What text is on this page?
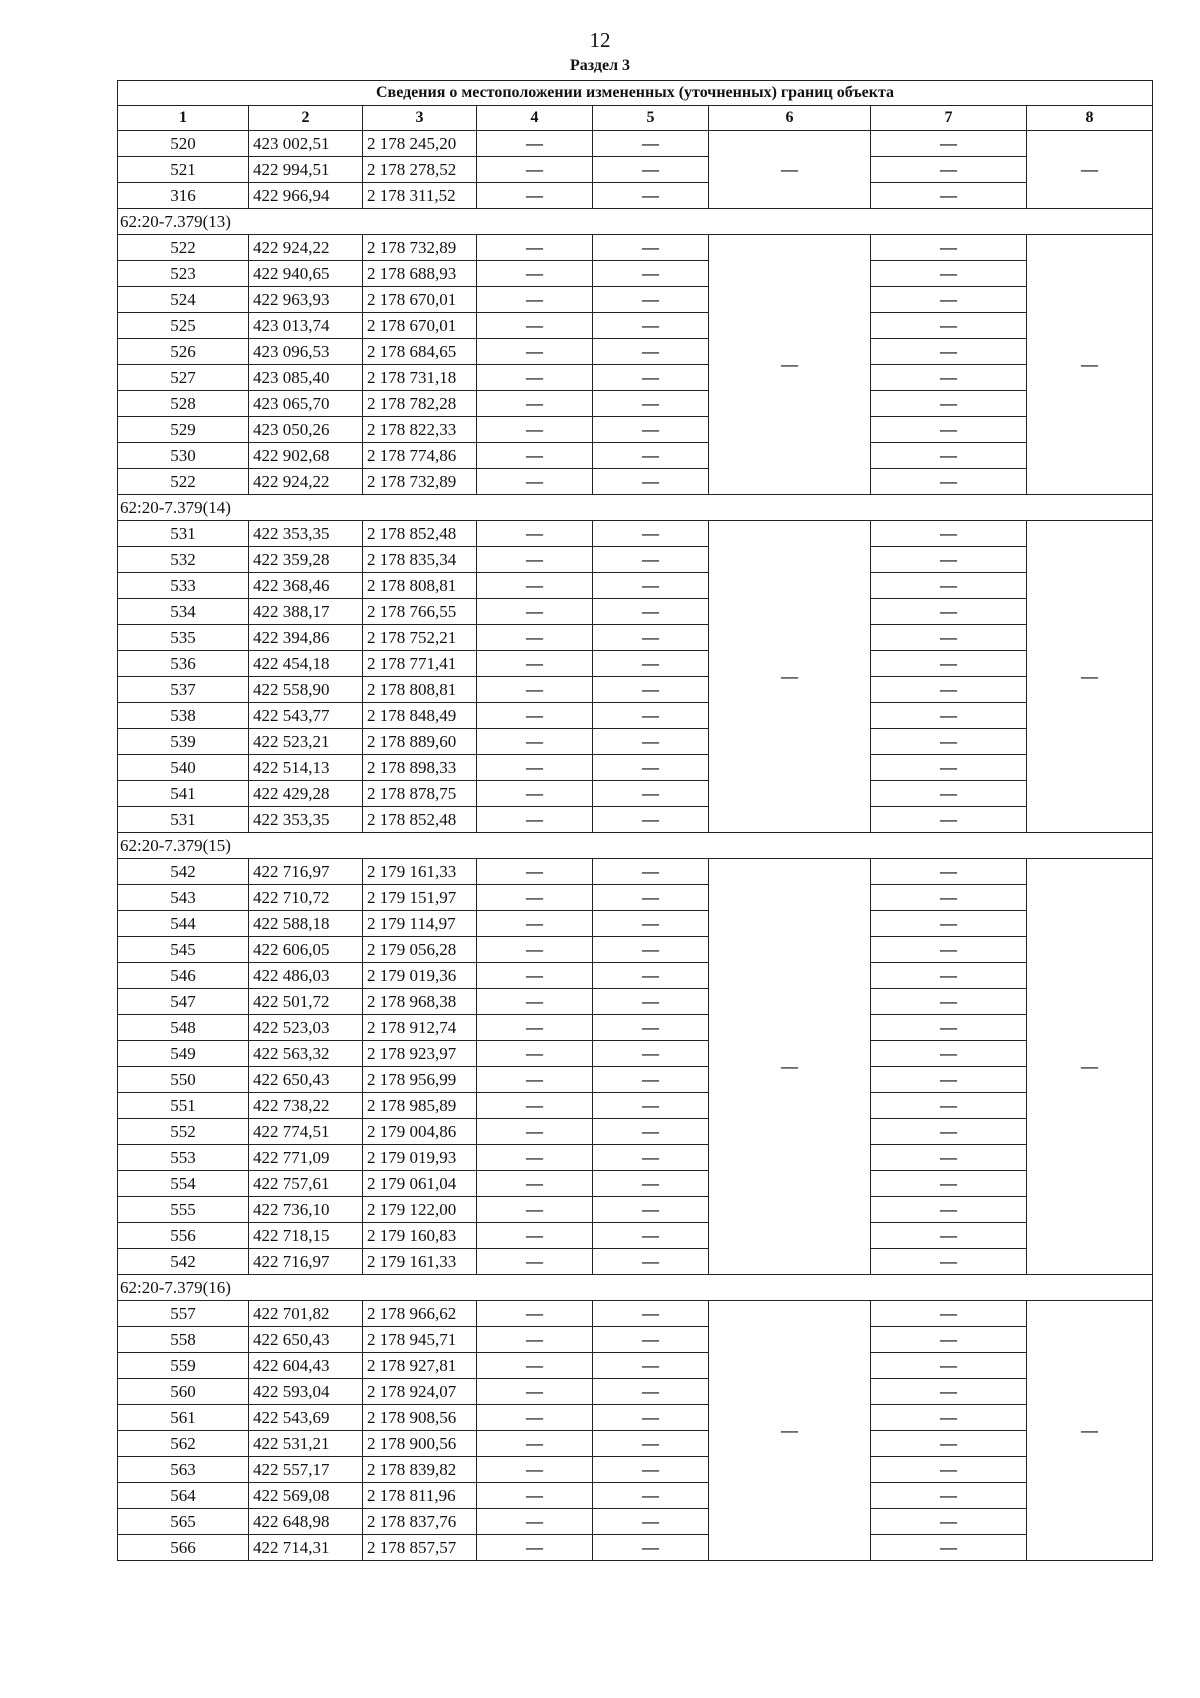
12
Раздел 3
Сведения о местоположении измененных (уточненных) границ объекта							
1	2	3	4	5	6	7	8
520	423 002,51	2 178 245,20	—	—	—	—	—
521	422 994,51	2 178 278,52	—	—		—	
316	422 966,94	2 178 311,52	—	—		—	
62:20-7.379(13)							
522	422 924,22	2 178 732,89	—	—	—	—	—
523	422 940,65	2 178 688,93	—	—		—	
524	422 963,93	2 178 670,01	—	—		—	
525	423 013,74	2 178 670,01	—	—		—	
526	423 096,53	2 178 684,65	—	—		—	
527	423 085,40	2 178 731,18	—	—		—	
528	423 065,70	2 178 782,28	—	—		—	
529	423 050,26	2 178 822,33	—	—		—	
530	422 902,68	2 178 774,86	—	—		—	
522	422 924,22	2 178 732,89	—	—		—	
62:20-7.379(14)							
531	422 353,35	2 178 852,48	—	—	—	—	—
532	422 359,28	2 178 835,34	—	—		—	
533	422 368,46	2 178 808,81	—	—		—	
534	422 388,17	2 178 766,55	—	—		—	
535	422 394,86	2 178 752,21	—	—		—	
536	422 454,18	2 178 771,41	—	—		—	
537	422 558,90	2 178 808,81	—	—		—	
538	422 543,77	2 178 848,49	—	—		—	
539	422 523,21	2 178 889,60	—	—		—	
540	422 514,13	2 178 898,33	—	—		—	
541	422 429,28	2 178 878,75	—	—		—	
531	422 353,35	2 178 852,48	—	—		—	
62:20-7.379(15)							
542	422 716,97	2 179 161,33	—	—	—	—	—
543	422 710,72	2 179 151,97	—	—		—	
544	422 588,18	2 179 114,97	—	—		—	
545	422 606,05	2 179 056,28	—	—		—	
546	422 486,03	2 179 019,36	—	—		—	
547	422 501,72	2 178 968,38	—	—		—	
548	422 523,03	2 178 912,74	—	—		—	
549	422 563,32	2 178 923,97	—	—		—	
550	422 650,43	2 178 956,99	—	—		—	
551	422 738,22	2 178 985,89	—	—		—	
552	422 774,51	2 179 004,86	—	—		—	
553	422 771,09	2 179 019,93	—	—		—	
554	422 757,61	2 179 061,04	—	—		—	
555	422 736,10	2 179 122,00	—	—		—	
556	422 718,15	2 179 160,83	—	—		—	
542	422 716,97	2 179 161,33	—	—		—	
62:20-7.379(16)							
557	422 701,82	2 178 966,62	—	—	—	—	—
558	422 650,43	2 178 945,71	—	—		—	
559	422 604,43	2 178 927,81	—	—		—	
560	422 593,04	2 178 924,07	—	—		—	
561	422 543,69	2 178 908,56	—	—		—	
562	422 531,21	2 178 900,56	—	—		—	
563	422 557,17	2 178 839,82	—	—		—	
564	422 569,08	2 178 811,96	—	—		—	
565	422 648,98	2 178 837,76	—	—		—	
566	422 714,31	2 178 857,57	—	—		—	
